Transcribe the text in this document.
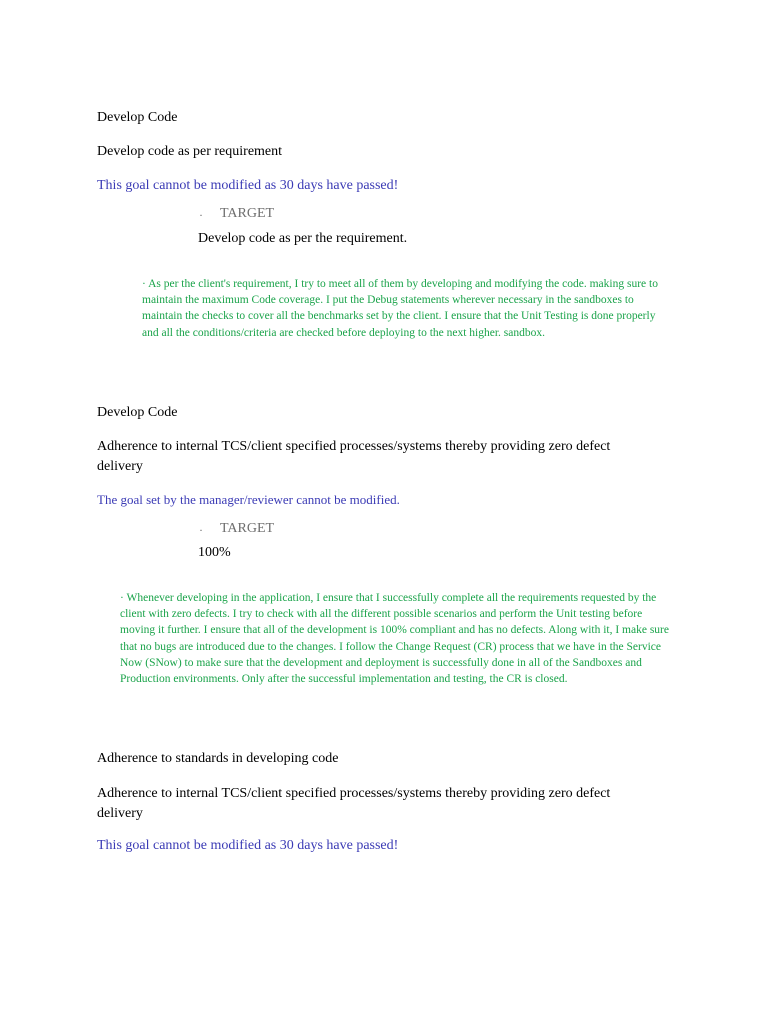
Develop Code
Develop code as per requirement
This goal cannot be modified as 30 days have passed!
· TARGET
Develop code as per the requirement.
· As per the client's requirement, I try to meet all of them by developing and modifying the code. making sure to maintain the maximum Code coverage. I put the Debug statements wherever necessary in the sandboxes to maintain the checks to cover all the benchmarks set by the client. I ensure that the Unit Testing is done properly and all the conditions/criteria are checked before deploying to the next higher. sandbox.
Develop Code
Adherence to internal TCS/client specified processes/systems thereby providing zero defect delivery
The goal set by the manager/reviewer cannot be modified.
· TARGET
100%
· Whenever developing in the application, I ensure that I successfully complete all the requirements requested by the client with zero defects. I try to check with all the different possible scenarios and perform the Unit testing before moving it further. I ensure that all of the development is 100% compliant and has no defects. Along with it, I make sure that no bugs are introduced due to the changes. I follow the Change Request (CR) process that we have in the Service Now (SNow) to make sure that the development and deployment is successfully done in all of the Sandboxes and Production environments. Only after the successful implementation and testing, the CR is closed.
Adherence to standards in developing code
Adherence to internal TCS/client specified processes/systems thereby providing zero defect delivery
This goal cannot be modified as 30 days have passed!
